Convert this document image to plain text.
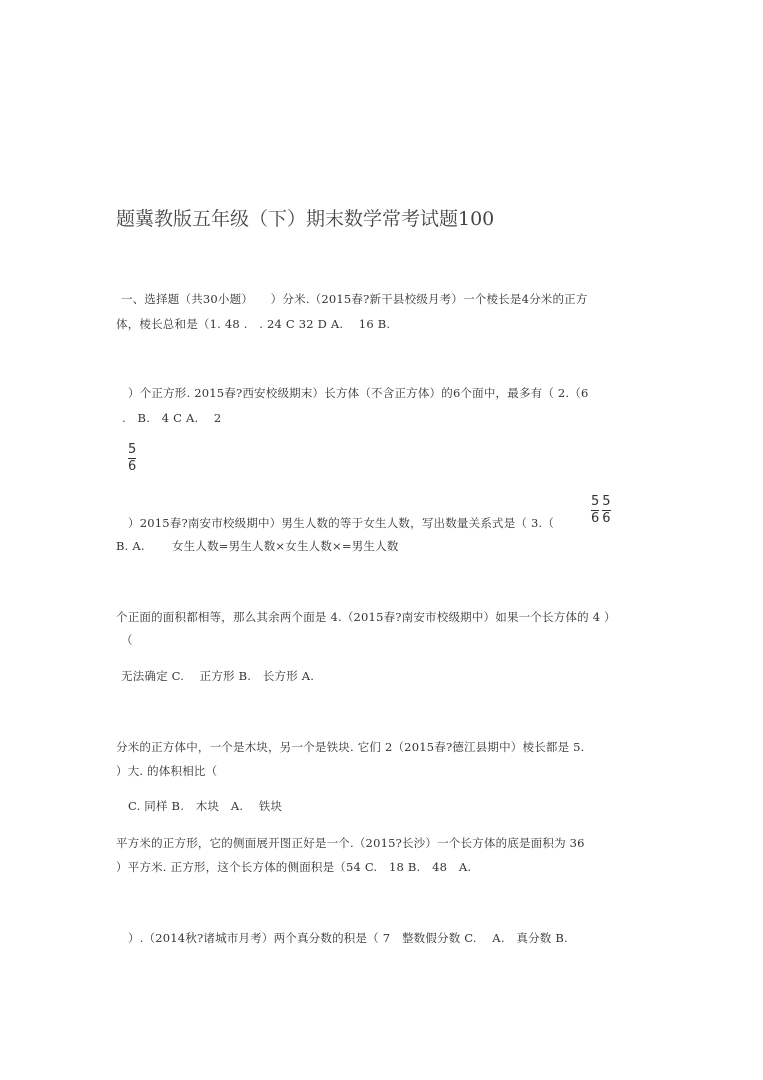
题冀教版五年级（下）期末数学常考试题100
一、选择题（共30小题）　　）分米.（2015春?新干县校级月考）一个棱长是4分米的正方
体，棱长总和是（1. 48 .　. 24 C 32 D A.　 16 B.
）个正方形. 2015春?西安校级期末）长方体（不含正方体）的6个面中，最多有（ 2.（6
.　B.　4 C A.　 2
5
6
）2015春?南安市校级期中）男生人数的等于女生人数，写出数量关系式是（ 3.（	$\frac{5}{6} \frac{5}{6}$
B. A.　　 女生人数=男生人数×女生人数×=男生人数
个正面的面积都相等，那么其余两个面是 4.（2015春?南安市校级期中）如果一个长方体的 4 ）
（
无法确定 C.　 正方形 B.　长方形 A.
分米的正方体中，一个是木块，另一个是铁块. 它们 2（2015春?德江县期中）棱长都是 5.
）大. 的体积相比（
C. 同样 B.　木块　A.　 铁块
平方米的正方形，它的侧面展开图正好是一个.（2015?长沙）一个长方体的底是面积为 36
）平方米. 正方形，这个长方体的侧面积是（54 C.　18 B.　48　A.
）.（2014秋?诸城市月考）两个真分数的积是（ 7　整数假分数 C.　 A.　真分数 B.
